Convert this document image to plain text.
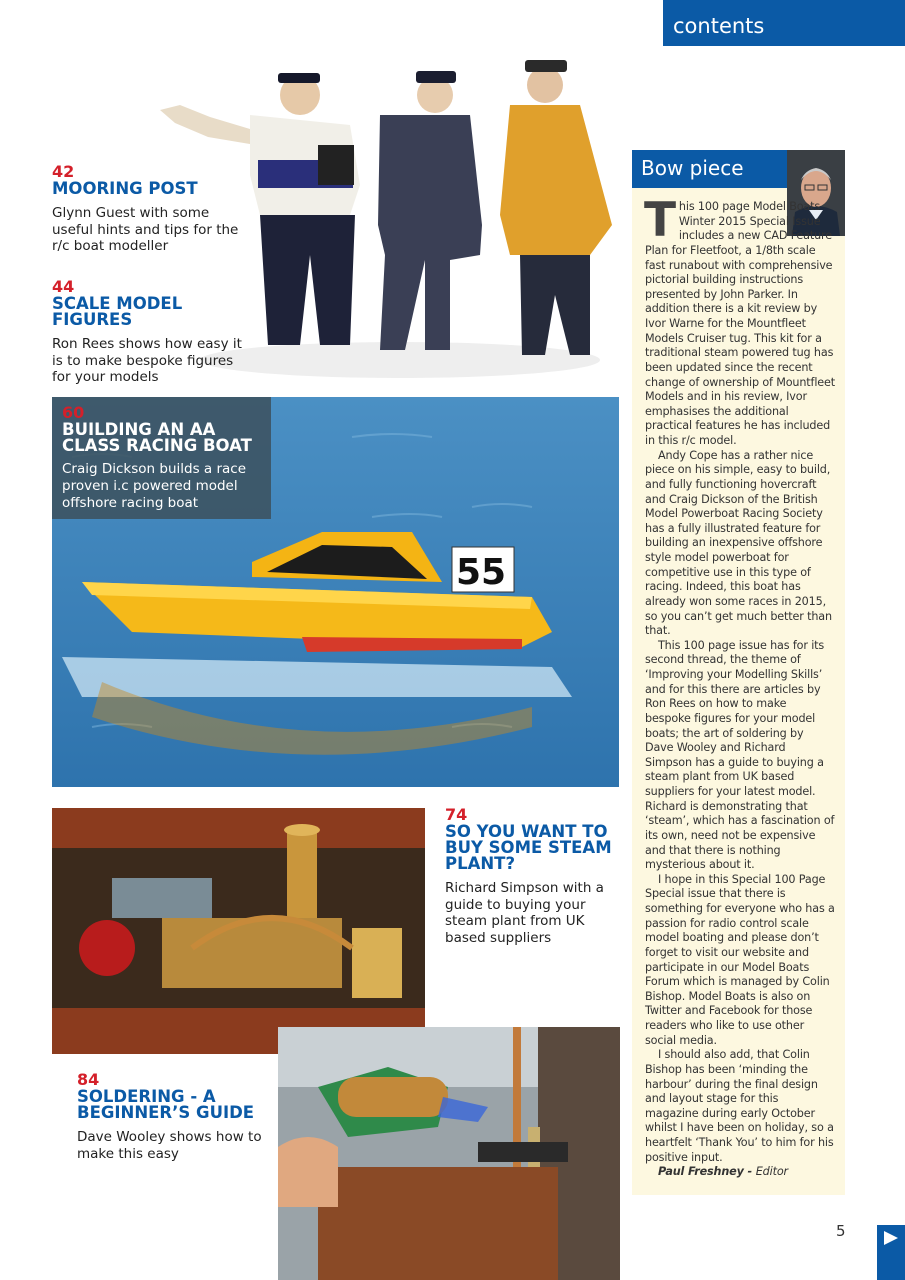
contents
42
MOORING POST
Glynn Guest with some useful hints and tips for the r/c boat modeller
44
SCALE MODEL
FIGURES
Ron Rees shows how easy it is to make bespoke figures for your models
55
60
BUILDING AN AA
CLASS RACING BOAT
Craig Dickson builds a race proven i.c powered model offshore racing boat
74
SO YOU WANT TO
BUY SOME STEAM
PLANT?
Richard Simpson with a guide to buying your steam plant from UK based suppliers
84
SOLDERING - A
BEGINNER’S GUIDE
Dave Wooley shows how to make this easy
Bow piece

This 100 page Model Boats Winter 2015 Special Issue includes a new CAD Feature Plan for Fleetfoot, a 1/8th scale fast runabout with comprehensive pictorial building instructions presented by John Parker. In addition there is a kit review by Ivor Warne for the Mountfleet Models Cruiser tug. This kit for a traditional steam powered tug has been updated since the recent change of ownership of Mountfleet Models and in his review, Ivor emphasises the additional practical features he has included in this r/c model.

Andy Cope has a rather nice piece on his simple, easy to build, and fully functioning hovercraft and Craig Dickson of the British Model Powerboat Racing Society has a fully illustrated feature for building an inexpensive offshore style model powerboat for competitive use in this type of racing. Indeed, this boat has already won some races in 2015, so you can’t get much better than that.

This 100 page issue has for its second thread, the theme of ‘Improving your Modelling Skills’ and for this there are articles by Ron Rees on how to make bespoke figures for your model boats; the art of soldering by Dave Wooley and Richard Simpson has a guide to buying a steam plant from UK based suppliers for your latest model. Richard is demonstrating that ‘steam’, which has a fascination of its own, need not be expensive and that there is nothing mysterious about it.

I hope in this Special 100 Page Special issue that there is something for everyone who has a passion for radio control scale model boating and please don’t forget to visit our website and participate in our Model Boats Forum which is managed by Colin Bishop. Model Boats is also on Twitter and Facebook for those readers who like to use other social media.

I should also add, that Colin Bishop has been ‘minding the harbour’ during the final design and layout stage for this magazine during early October whilst I have been on holiday, so a heartfelt ‘Thank You’ to him for his positive input.

Paul Freshney - Editor
5
